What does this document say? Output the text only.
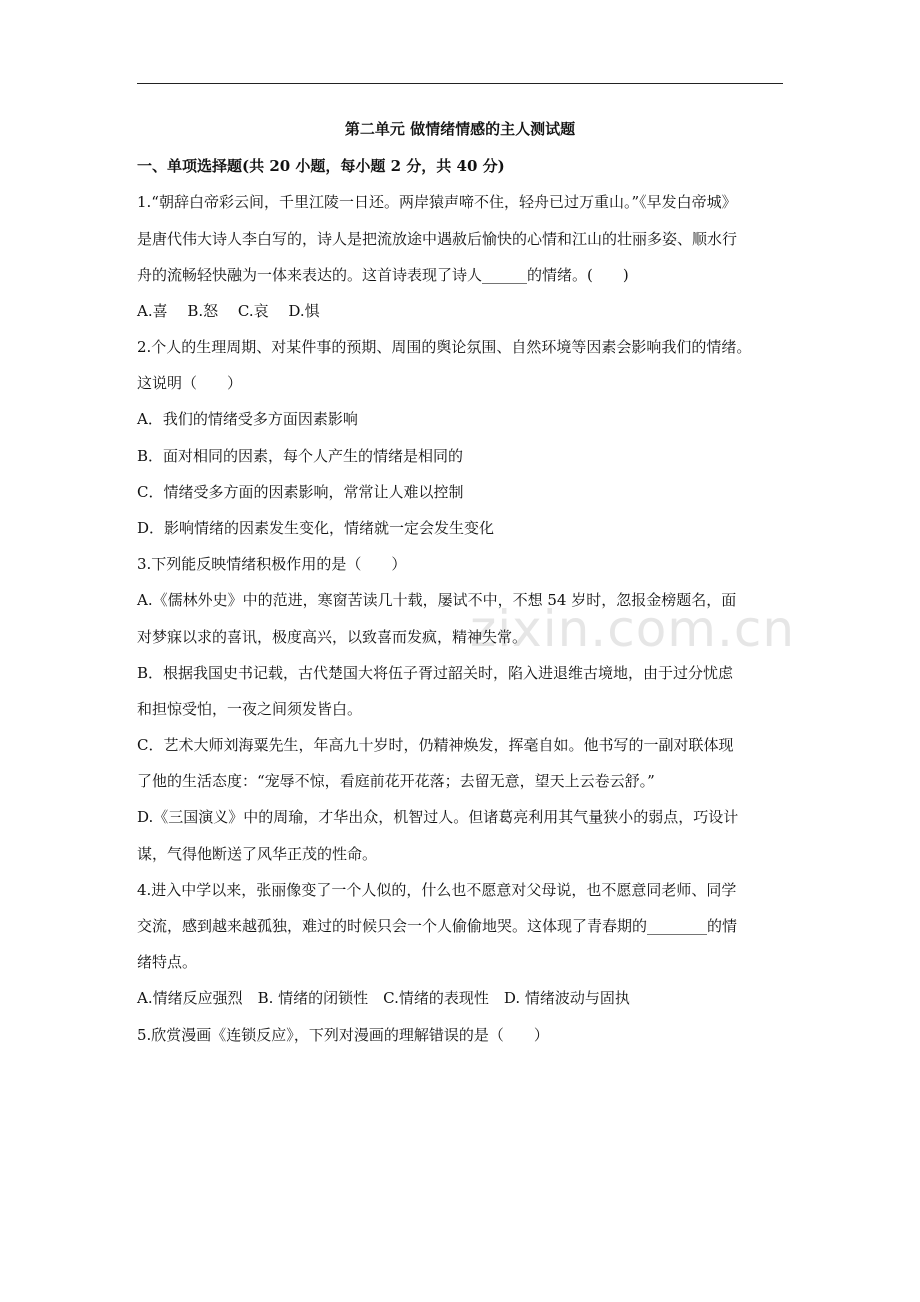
zixin.com.cn
第二单元 做情绪情感的主人测试题
一、单项选择题(共 20 小题，每小题 2 分，共 40 分)
1.“朝辞白帝彩云间，千里江陵一日还。两岸猿声啼不住，轻舟已过万重山。”《早发白帝城》
是唐代伟大诗人李白写的，诗人是把流放途中遇赦后愉快的心情和江山的壮丽多姿、顺水行
舟的流畅轻快融为一体来表达的。这首诗表现了诗人______的情绪。(　　)
A.喜　 B.怒　 C.哀　 D.惧
2.个人的生理周期、对某件事的预期、周围的舆论氛围、自然环境等因素会影响我们的情绪。
这说明（　　）
A．我们的情绪受多方面因素影响
B．面对相同的因素，每个人产生的情绪是相同的
C．情绪受多方面的因素影响，常常让人难以控制
D．影响情绪的因素发生变化，情绪就一定会发生变化
3.下列能反映情绪积极作用的是（　　）
A.《儒林外史》中的范进，寒窗苦读几十载，屡试不中，不想 54 岁时，忽报金榜题名，面
对梦寐以求的喜讯，极度高兴，以致喜而发疯，精神失常。
B．根据我国史书记载，古代楚国大将伍子胥过韶关时，陷入进退维古境地，由于过分忧虑
和担惊受怕，一夜之间须发皆白。
C．艺术大师刘海粟先生，年高九十岁时，仍精神焕发，挥毫自如。他书写的一副对联体现
了他的生活态度：“宠辱不惊，看庭前花开花落；去留无意，望天上云卷云舒。”
D.《三国演义》中的周瑜，才华出众，机智过人。但诸葛亮利用其气量狭小的弱点，巧设计
谋，气得他断送了风华正茂的性命。
4.进入中学以来，张丽像变了一个人似的，什么也不愿意对父母说，也不愿意同老师、同学
交流，感到越来越孤独，难过的时候只会一个人偷偷地哭。这体现了青春期的________的情
绪特点。
A.情绪反应强烈　B. 情绪的闭锁性　C.情绪的表现性　D. 情绪波动与固执
5.欣赏漫画《连锁反应》，下列对漫画的理解错误的是（　　）
